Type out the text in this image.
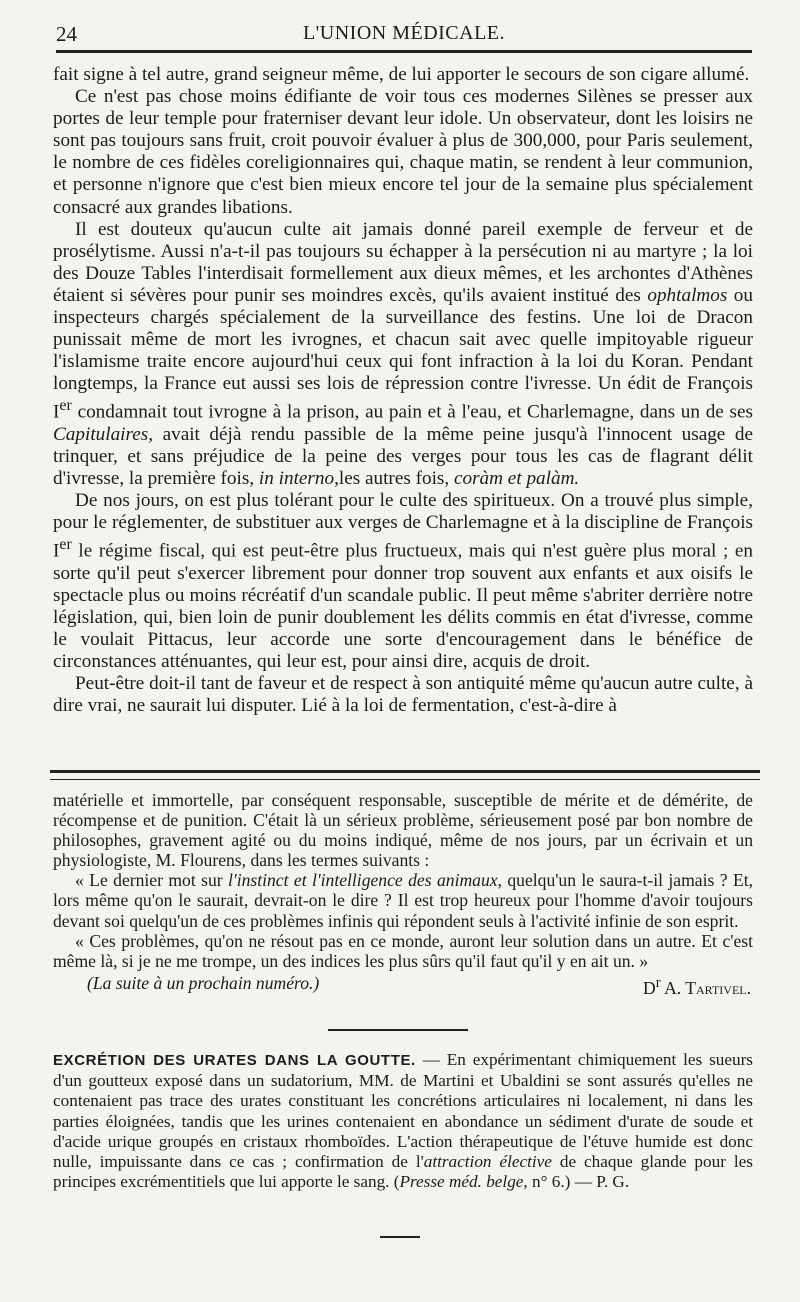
24	L'UNION MÉDICALE.

fait signe à tel autre, grand seigneur même, de lui apporter le secours de son cigare allumé.

Ce n'est pas chose moins édifiante de voir tous ces modernes Silènes se presser aux portes de leur temple pour fraterniser devant leur idole. Un observateur, dont les loisirs ne sont pas toujours sans fruit, croit pouvoir évaluer à plus de 300,000, pour Paris seulement, le nombre de ces fidèles coreligionnaires qui, chaque matin, se rendent à leur communion, et personne n'ignore que c'est bien mieux encore tel jour de la semaine plus spécialement consacré aux grandes libations.

Il est douteux qu'aucun culte ait jamais donné pareil exemple de ferveur et de prosélytisme. Aussi n'a-t-il pas toujours su échapper à la persécution ni au martyre ; la loi des Douze Tables l'interdisait formellement aux dieux mêmes, et les archontes d'Athènes étaient si sévères pour punir ses moindres excès, qu'ils avaient institué des ophtalmos ou inspecteurs chargés spécialement de la surveillance des festins. Une loi de Dracon punissait même de mort les ivrognes, et chacun sait avec quelle impitoyable rigueur l'islamisme traite encore aujourd'hui ceux qui font infraction à la loi du Koran. Pendant longtemps, la France eut aussi ses lois de répression contre l'ivresse. Un édit de François Ier condamnait tout ivrogne à la prison, au pain et à l'eau, et Charlemagne, dans un de ses Capitulaires, avait déjà rendu passible de la même peine jusqu'à l'innocent usage de trinquer, et sans préjudice de la peine des verges pour tous les cas de flagrant délit d'ivresse, la première fois, in interno,les autres fois, coràm et palàm.

De nos jours, on est plus tolérant pour le culte des spiritueux. On a trouvé plus simple, pour le réglementer, de substituer aux verges de Charlemagne et à la discipline de François Ier le régime fiscal, qui est peut-être plus fructueux, mais qui n'est guère plus moral ; en sorte qu'il peut s'exercer librement pour donner trop souvent aux enfants et aux oisifs le spectacle plus ou moins récréatif d'un scandale public. Il peut même s'abriter derrière notre législation, qui, bien loin de punir doublement les délits commis en état d'ivresse, comme le voulait Pittacus, leur accorde une sorte d'encouragement dans le bénéfice de circonstances atténuantes, qui leur est, pour ainsi dire, acquis de droit.

Peut-être doit-il tant de faveur et de respect à son antiquité même qu'aucun autre culte, à dire vrai, ne saurait lui disputer. Lié à la loi de fermentation, c'est-à-dire à

matérielle et immortelle, par conséquent responsable, susceptible de mérite et de démérite, de récompense et de punition. C'était là un sérieux problème, sérieusement posé par bon nombre de philosophes, gravement agité ou du moins indiqué, même de nos jours, par un écrivain et un physiologiste, M. Flourens, dans les termes suivants :

« Le dernier mot sur l'instinct et l'intelligence des animaux, quelqu'un le saura-t-il jamais ? Et, lors même qu'on le saurait, devrait-on le dire ? Il est trop heureux pour l'homme d'avoir toujours devant soi quelqu'un de ces problèmes infinis qui répondent seuls à l'activité infinie de son esprit.

« Ces problèmes, qu'on ne résout pas en ce monde, auront leur solution dans un autre. Et c'est même là, si je ne me trompe, un des indices les plus sûrs qu'il faut qu'il y en ait un. »

(La suite à un prochain numéro.)	$D^r$ A. Tartivel.
EXCRÉTION DES URATES DANS LA GOUTTE. — En expérimentant chimiquement les sueurs d'un goutteux exposé dans un sudatorium, MM. de Martini et Ubaldini se sont assurés qu'elles ne contenaient pas trace des urates constituant les concrétions articulaires ni localement, ni dans les parties éloignées, tandis que les urines contenaient en abondance un sédiment d'urate de soude et d'acide urique groupés en cristaux rhomboïdes. L'action thérapeutique de l'étuve humide est donc nulle, impuissante dans ce cas ; confirmation de l'attraction élective de chaque glande pour les principes excrémentitiels que lui apporte le sang. (Presse méd. belge, n° 6.) — P. G.
